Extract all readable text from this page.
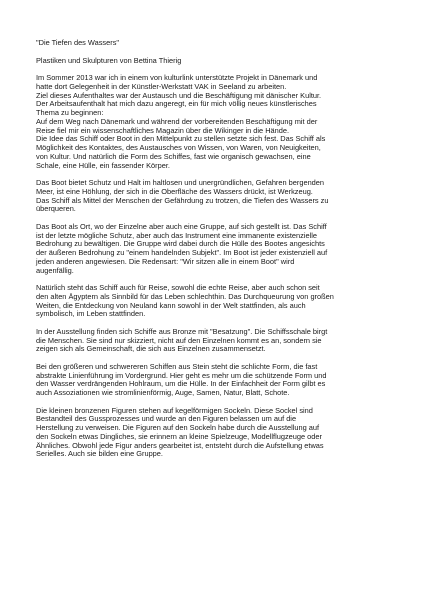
"Die Tiefen des Wassers"
Plastiken und Skulpturen von Bettina Thierig
Im Sommer 2013 war ich in einem von kulturlink unterstützte Projekt in Dänemark und
hatte dort Gelegenheit in der Künstler-Werkstatt VAK in Seeland zu arbeiten.
Ziel dieses Aufenthaltes war der Austausch und die Beschäftigung mit dänischer Kultur.
Der Arbeitsaufenthalt hat mich dazu angeregt, ein für mich völlig neues künstlerisches
Thema zu beginnen:
Auf dem Weg nach Dänemark und während der vorbereitenden Beschäftigung mit der
Reise fiel mir ein wissenschaftliches Magazin über die Wikinger in die Hände.
Die Idee das Schiff oder Boot in den Mittelpunkt zu stellen setzte sich fest. Das Schiff als
Möglichkeit des Kontaktes, des Austausches von Wissen, von Waren, von Neuigkeiten,
von Kultur. Und natürlich die Form des Schiffes, fast wie organisch gewachsen, eine
Schale, eine Hülle, ein fassender Körper.
Das Boot bietet Schutz und Halt im haltlosen und unergründlichen, Gefahren bergenden
Meer, ist eine Höhlung, der sich in die Oberfläche des Wassers drückt, ist Werkzeug.
Das Schiff als Mittel der Menschen der Gefährdung zu trotzen, die Tiefen des Wassers zu
überqueren.
Das Boot als Ort, wo der Einzelne aber auch eine Gruppe, auf sich gestellt ist. Das Schiff
ist der letzte mögliche Schutz, aber auch das Instrument eine immanente existenzielle
Bedrohung zu bewältigen. Die Gruppe wird dabei durch die Hülle des Bootes angesichts
der äußeren Bedrohung zu "einem handelnden Subjekt". Im Boot ist jeder existenziell auf
jeden anderen angewiesen. Die Redensart: "Wir sitzen alle in einem Boot" wird
augenfällig.
Natürlich steht das Schiff auch für Reise, sowohl die echte Reise, aber auch schon seit
den alten Ägyptern als Sinnbild für das Leben schlechthin. Das Durchqueurung von großen
Weiten, die Entdeckung von Neuland kann sowohl in der Welt stattfinden, als auch
symbolisch, im Leben stattfinden.
In der Ausstellung finden sich Schiffe aus Bronze mit "Besatzung". Die Schiffsschale birgt
die Menschen. Sie sind nur skizziert, nicht auf den Einzelnen kommt es an, sondern sie
zeigen sich als Gemeinschaft, die sich aus Einzelnen zusammensetzt.
Bei den größeren und schwereren Schiffen aus Stein steht die schlichte Form, die fast
abstrakte Linienführung im Vordergrund. Hier geht es mehr um die schützende Form und
den Wasser verdrängenden Hohlraum, um die Hülle. In der Einfachheit der Form gilbt es
auch Assoziationen wie stromlinienförmig, Auge, Samen, Natur, Blatt, Schote.
Die kleinen bronzenen Figuren stehen auf kegelförmigen Sockeln. Diese Sockel sind
Bestandteil des Gussprozesses und wurde an den Figuren belassen um auf die
Herstellung zu verweisen. Die Figuren auf den Sockeln habe durch die Ausstellung auf
den Sockeln etwas Dingliches, sie erinnern an kleine Spielzeuge, Modellflugzeuge oder
Ähnliches. Obwohl jede Figur anders gearbeitet ist, entsteht durch die Aufstellung etwas
Serielles. Auch sie bilden eine Gruppe.
